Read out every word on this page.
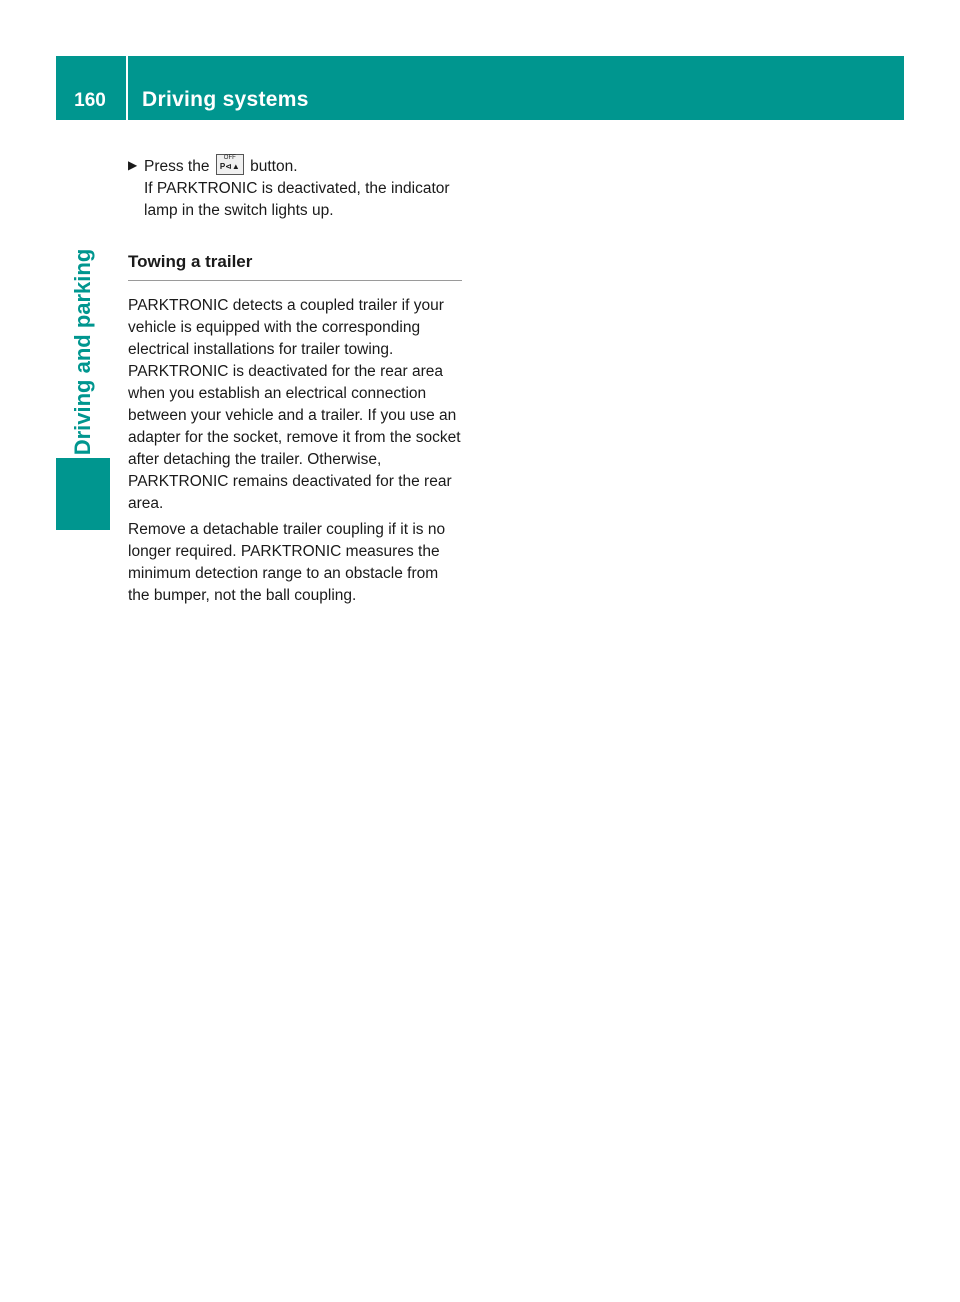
160	Driving systems
Driving and parking
▶ Press the	OFF
P⊲▲ button.
If PARKTRONIC is deactivated, the indicator lamp in the switch lights up.
Towing a trailer
PARKTRONIC detects a coupled trailer if your vehicle is equipped with the corresponding electrical installations for trailer towing. PARKTRONIC is deactivated for the rear area when you establish an electrical connection between your vehicle and a trailer. If you use an adapter for the socket, remove it from the socket after detaching the trailer. Otherwise, PARKTRONIC remains deactivated for the rear area.
Remove a detachable trailer coupling if it is no longer required. PARKTRONIC measures the minimum detection range to an obstacle from the bumper, not the ball coupling.
